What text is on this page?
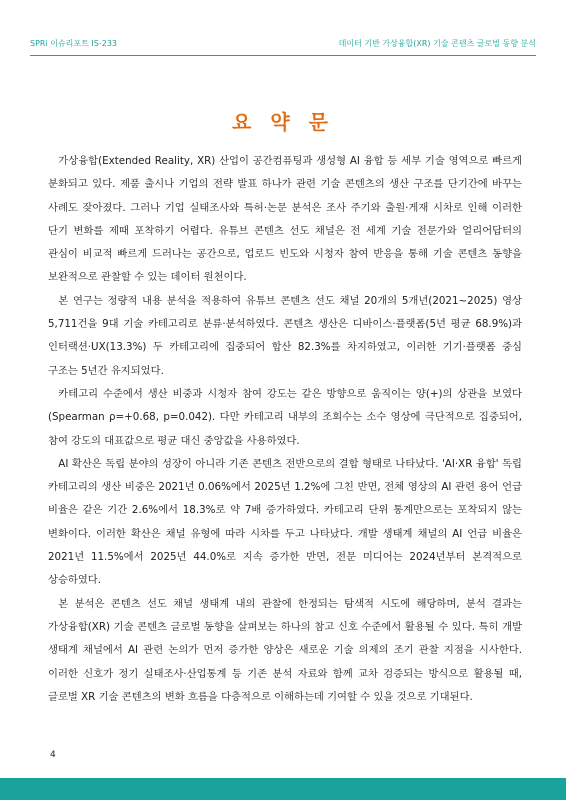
SPRi 이슈리포트 IS-233	데이터 기반 가상융합(XR) 기술 콘텐츠 글로벌 동향 분석
요 약 문

가상융합(Extended Reality, XR) 산업이 공간컴퓨팅과 생성형 AI 융합 등 세부 기술 영역으로 빠르게 분화되고 있다. 제품 출시나 기업의 전략 발표 하나가 관련 기술 콘텐츠의 생산 구조를 단기간에 바꾸는 사례도 잦아졌다. 그러나 기업 실태조사와 특허·논문 분석은 조사 주기와 출원·게재 시차로 인해 이러한 단기 변화를 제때 포착하기 어렵다. 유튜브 콘텐츠 선도 채널은 전 세계 기술 전문가와 얼리어답터의 관심이 비교적 빠르게 드러나는 공간으로, 업로드 빈도와 시청자 참여 반응을 통해 기술 콘텐츠 동향을 보완적으로 관찰할 수 있는 데이터 원천이다.

본 연구는 정량적 내용 분석을 적용하여 유튜브 콘텐츠 선도 채널 20개의 5개년(2021~2025) 영상 5,711건을 9대 기술 카테고리로 분류·분석하였다. 콘텐츠 생산은 디바이스·플랫폼(5년 평균 68.9%)과 인터랙션·UX(13.3%) 두 카테고리에 집중되어 합산 82.3%를 차지하였고, 이러한 기기·플랫폼 중심 구조는 5년간 유지되었다.

카테고리 수준에서 생산 비중과 시청자 참여 강도는 같은 방향으로 움직이는 양(+)의 상관을 보였다(Spearman ρ=+0.68, p=0.042). 다만 카테고리 내부의 조회수는 소수 영상에 극단적으로 집중되어, 참여 강도의 대표값으로 평균 대신 중앙값을 사용하였다.

AI 확산은 독립 분야의 성장이 아니라 기존 콘텐츠 전반으로의 결합 형태로 나타났다. 'AI·XR 융합' 독립 카테고리의 생산 비중은 2021년 0.06%에서 2025년 1.2%에 그친 반면, 전체 영상의 AI 관련 용어 언급 비율은 같은 기간 2.6%에서 18.3%로 약 7배 증가하였다. 카테고리 단위 통계만으로는 포착되지 않는 변화이다. 이러한 확산은 채널 유형에 따라 시차를 두고 나타났다. 개발 생태계 채널의 AI 언급 비율은 2021년 11.5%에서 2025년 44.0%로 지속 증가한 반면, 전문 미디어는 2024년부터 본격적으로 상승하였다.

본 분석은 콘텐츠 선도 채널 생태계 내의 관찰에 한정되는 탐색적 시도에 해당하며, 분석 결과는 가상융합(XR) 기술 콘텐츠 글로벌 동향을 살펴보는 하나의 참고 신호 수준에서 활용될 수 있다. 특히 개발 생태계 채널에서 AI 관련 논의가 먼저 증가한 양상은 새로운 기술 의제의 조기 관찰 지점을 시사한다. 이러한 신호가 정기 실태조사·산업통계 등 기존 분석 자료와 함께 교차 검증되는 방식으로 활용될 때, 글로벌 XR 기술 콘텐츠의 변화 흐름을 다층적으로 이해하는데 기여할 수 있을 것으로 기대된다.

4
